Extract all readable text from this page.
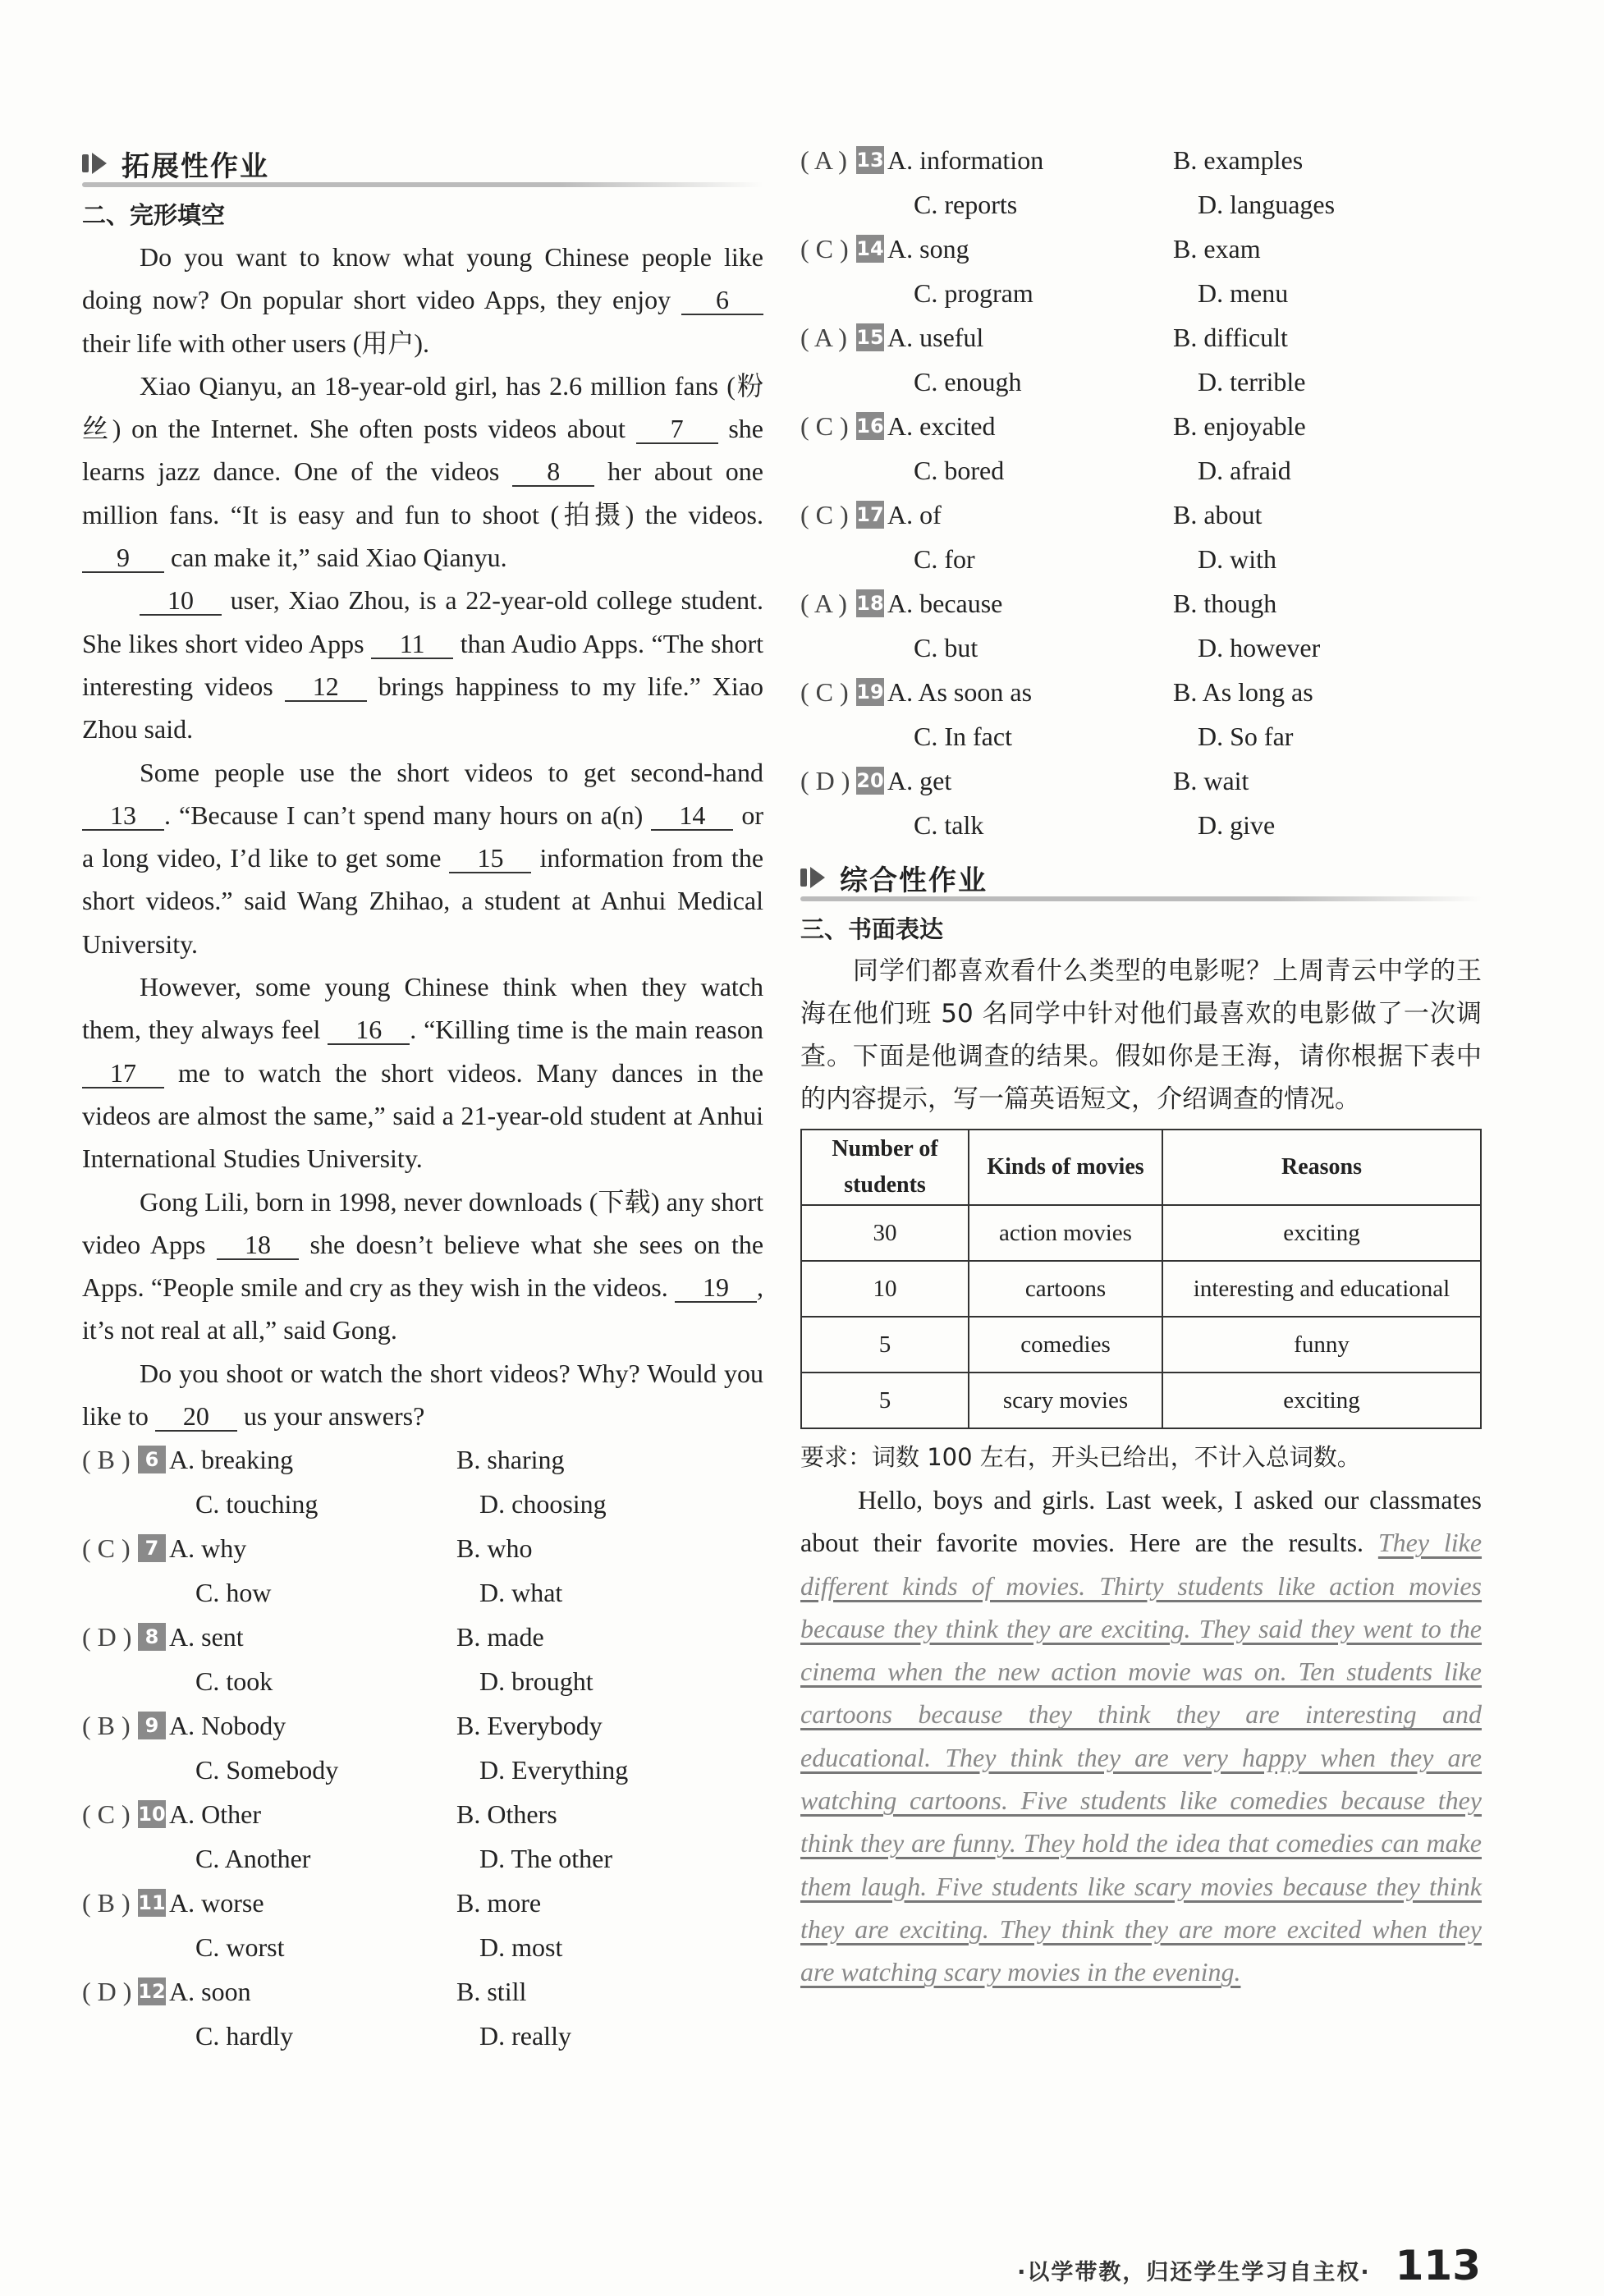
拓展性作业
二、完形填空

Do you want to know what young Chinese people like doing now? On popular short video Apps, they enjoy 6 their life with other users (用户).

Xiao Qianyu, an 18-year-old girl, has 2.6 million fans (粉丝) on the Internet. She often posts videos about 7 she learns jazz dance. One of the videos 8 her about one million fans. “It is easy and fun to shoot (拍摄) the videos. 9 can make it,” said Xiao Qianyu.

10 user, Xiao Zhou, is a 22-year-old college student. She likes short video Apps 11 than Audio Apps. “The short interesting videos 12 brings happiness to my life.” Xiao Zhou said.

Some people use the short videos to get second-hand 13 . “Because I can’t spend many hours on a(n) 14 or a long video, I’d like to get some 15 information from the short videos.” said Wang Zhihao, a student at Anhui Medical University.

However, some young Chinese think when they watch them, they always feel 16 . “Killing time is the main reason 17 me to watch the short videos. Many dances in the videos are almost the same,” said a 21-year-old student at Anhui International Studies University.

Gong Lili, born in 1998, never downloads (下载) any short video Apps 18 she doesn’t believe what she sees on the Apps. “People smile and cry as they wish in the videos. 19 , it’s not real at all,” said Gong.

Do you shoot or watch the short videos? Why? Would you like to 20 us your answers?

( B ) 6 A. breaking	B. sharing
C. touching	D. choosing
( C ) 7 A. why	B. who
C. how	D. what
( D ) 8 A. sent	B. made
C. took	D. brought
( B ) 9 A. Nobody	B. Everybody
C. Somebody	D. Everything
( C ) 10 A. Other	B. Others
C. Another	D. The other
( B ) 11 A. worse	B. more
C. worst	D. most
( D ) 12 A. soon	B. still
C. hardly	D. really
( A ) 13 A. information	B. examples
C. reports	D. languages
( C ) 14 A. song	B. exam
C. program	D. menu
( A ) 15 A. useful	B. difficult
C. enough	D. terrible
( C ) 16 A. excited	B. enjoyable
C. bored	D. afraid
( C ) 17 A. of	B. about
C. for	D. with
( A ) 18 A. because	B. though
C. but	D. however
( C ) 19 A. As soon as	B. As long as
C. In fact	D. So far
( D ) 20 A. get	B. wait
C. talk	D. give
综合性作业
三、书面表达

同学们都喜欢看什么类型的电影呢？上周青云中学的王海在他们班 50 名同学中针对他们最喜欢的电影做了一次调查。下面是他调查的结果。假如你是王海，请你根据下表中的内容提示，写一篇英语短文，介绍调查的情况。

Number of students	Kinds of movies	Reasons
30	action movies	exciting
10	cartoons	interesting and educational
5	comedies	funny
5	scary movies	exciting

要求：词数 100 左右，开头已给出，不计入总词数。

Hello, boys and girls. Last week, I asked our classmates about their favorite movies. Here are the results. They like different kinds of movies. Thirty students like action movies because they think they are exciting. They said they went to the cinema when the new action movie was on. Ten students like cartoons because they think they are interesting and educational. They think they are very happy when they are watching cartoons. Five students like comedies because they think they are funny. They hold the idea that comedies can make them laugh. Five students like scary movies because they think they are exciting. They think they are more excited when they are watching scary movies in the evening.

·以学带教，归还学生学习自主权· 113
